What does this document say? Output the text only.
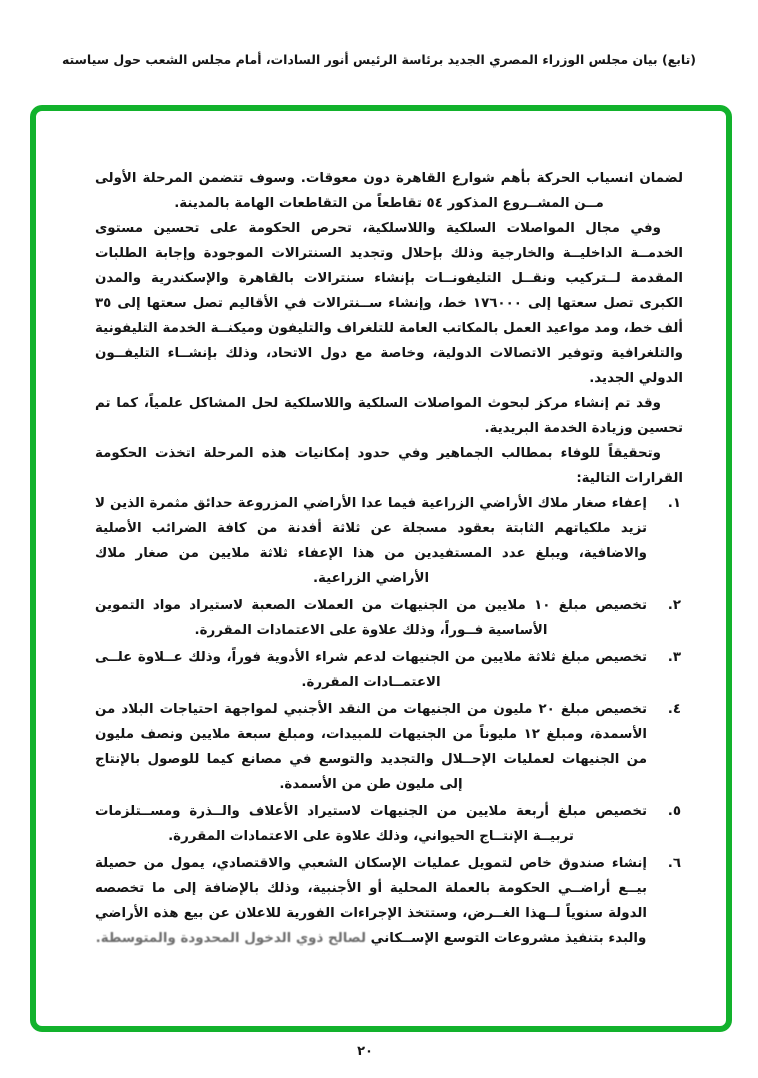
(تابع) بيان مجلس الوزراء المصري الجديد برئاسة الرئيس أنور السادات، أمام مجلس الشعب حول سياسته

لضمان انسياب الحركة بأهم شوارع القاهرة دون معوقات. وسوف تتضمن المرحلة الأولى مــن المشــروع المذكور ٥٤ تقاطعاً من التقاطعات الهامة بالمدينة.

وفي مجال المواصلات السلكية واللاسلكية، تحرص الحكومة على تحسين مستوى الخدمــة الداخليــة والخارجية وذلك بإحلال وتجديد السنترالات الموجودة وإجابة الطلبات المقدمة لــتركيب ونقــل التليفونــات بإنشاء سنترالات بالقاهرة والإسكندرية والمدن الكبرى تصل سعتها إلى ١٧٦٠٠٠ خط، وإنشاء ســنترالات في الأقاليم تصل سعتها إلى ٣٥ ألف خط، ومد مواعيد العمل بالمكاتب العامة للتلغراف والتليفون وميكنــة الخدمة التليفونية والتلغرافية وتوفير الاتصالات الدولية، وخاصة مع دول الاتحاد، وذلك بإنشــاء التليفــون الدولي الجديد.

وقد تم إنشاء مركز لبحوث المواصلات السلكية واللاسلكية لحل المشاكل علمياً، كما تم تحسين وزيادة الخدمة البريدية.

وتحقيقاً للوفاء بمطالب الجماهير وفي حدود إمكانيات هذه المرحلة اتخذت الحكومة القرارات التالية:

١.

إعفاء صغار ملاك الأراضي الزراعية فيما عدا الأراضي المزروعة حدائق مثمرة الذين لا تزيد ملكياتهم الثابتة بعقود مسجلة عن ثلاثة أفدنة من كافة الضرائب الأصلية والاضافية، ويبلغ عدد المستفيدين من هذا الإعفاء ثلاثة ملايين من صغار ملاك الأراضي الزراعية.

٢.

تخصيص مبلغ ١٠ ملايين من الجنيهات من العملات الصعبة لاستيراد مواد التموين الأساسية فــوراً، وذلك علاوة على الاعتمادات المقررة.

٣.

تخصيص مبلغ ثلاثة ملايين من الجنيهات لدعم شراء الأدوية فوراً، وذلك عــلاوة علــى الاعتمــادات المقررة.

٤.

تخصيص مبلغ ٢٠ مليون من الجنيهات من النقد الأجنبي لمواجهة احتياجات البلاد من الأسمدة، ومبلغ ١٢ مليوناً من الجنيهات للمبيدات، ومبلغ سبعة ملايين ونصف مليون من الجنيهات لعمليات الإحــلال والتجديد والتوسع في مصانع كيما للوصول بالإنتاج إلى مليون طن من الأسمدة.

٥.

تخصيص مبلغ أربعة ملايين من الجنيهات لاستيراد الأعلاف والــذرة ومســتلزمات تربيــة الإنتــاج الحيواني، وذلك علاوة على الاعتمادات المقررة.

٦.

إنشاء صندوق خاص لتمويل عمليات الإسكان الشعبي والاقتصادي، يمول من حصيلة بيــع أراضــي الحكومة بالعملة المحلية أو الأجنبية، وذلك بالإضافة إلى ما تخصصه الدولة سنوياً لــهذا الغــرض، وستتخذ الإجراءات الفورية للاعلان عن بيع هذه الأراضي والبدء بتنفيذ مشروعات التوسع الإســكاني لصالح ذوي الدخول المحدودة والمتوسطة.

٢٠
